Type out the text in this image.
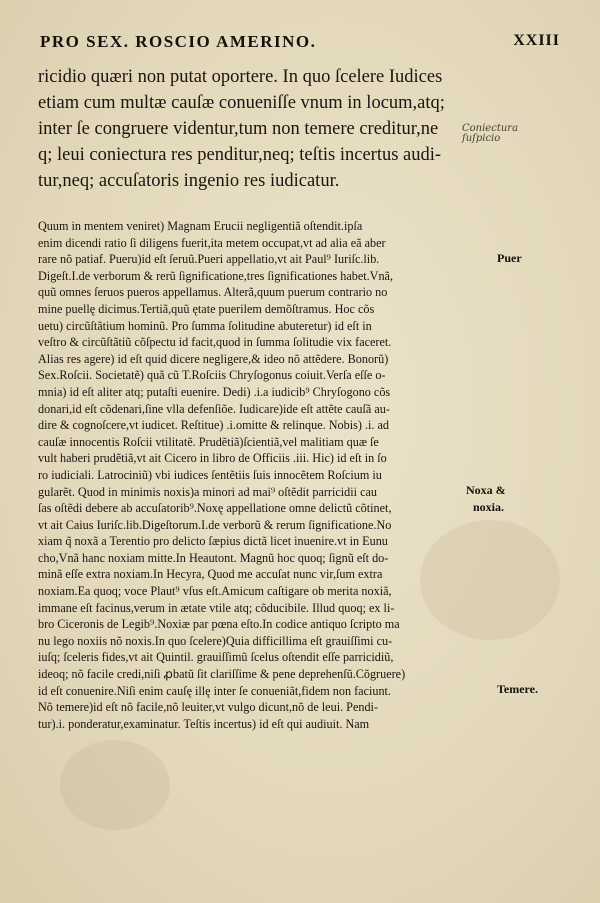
PRO SEX. ROSCIO AMERINO.	XXIII
ricidio quæri non putat oportere. In quo ſcelere Iudices
etiam cum multæ cauſæ conueniſſe vnum in locum,atq;
inter ſe congruere videntur,tum non temere creditur,ne
q; leui coniectura res penditur,neq; teſtis incertus audi-
tur,neq; accuſatoris ingenio res iudicatur.
Coniectura
ſuſpicio
Quum in mentem veniret) Magnam Erucii negligentiã oſtendit.ipſa
enim dicendi ratio ſi diligens fuerit,ita metem occupat,vt ad alia eã aber
rare nõ patiaf. Pueru)id eſt ſeruũ.Pueri appellatio,vt ait Paul⁹ Iuriſc.lib.
Digeſt.I.de verborum & rerũ ſignificatione,tres ſignificationes habet.Vnã,
quũ omnes ſeruos pueros appellamus. Alterã,quum puerum contrario no
mine puellę dicimus.Tertiã,quũ ętate puerilem demõſtramus. Hoc cõs
uetu) circũſtãtium hominũ. Pro ſumma ſolitudine abuteretur) id eſt in
veſtro & circũſtãtiũ cõſpectu id facit,quod in ſumma ſolitudie vix faceret.
Alias res agere) id eſt quid dicere negligere,& ideo nõ attẽdere. Bonorũ)
Sex.Roſcii. Societatẽ) quã cũ T.Roſciis Chryſogonus coiuit.Verſa eſſe o-
mnia) id eſt aliter atq; putaſti euenire. Dedi) .i.a iudicib⁹ Chryſogono cõs
donari,id eſt cõdenari,ſine vlla defenſiõe. Iudicare)ide eſt attẽte cauſã au-
dire & cognoſcere,vt iudicet. Reſtitue) .i.omitte & relinque. Nobis) .i. ad
cauſæ innocentis Roſcii vtilitatẽ. Prudẽtiã)ſcientiã,vel malitiam quæ ſe
vult haberi prudẽtiã,vt ait Cicero in libro de Officiis .iii. Hic) id eſt in ſo
ro iudiciali. Latrociniũ) vbi iudices ſentẽtiis ſuis innocẽtem Roſcium iu
gularẽt. Quod in minimis noxis)a minori ad mai⁹ oſtẽdit parricidii cau
ſas oſtẽdi debere ab accuſatorib⁹.Noxę appellatione omne delictũ cõtinet,
vt ait Caius Iuriſc.lib.Digeſtorum.I.de verborũ & rerum ſignificatione.No
xiam q̃ noxã a Terentio pro delicto ſæpius dictã licet inuenire.vt in Eunu
cho,Vnã hanc noxiam mitte.In Heautont. Magnũ hoc quoq; ſignũ eſt do-
minã eſſe extra noxiam.In Hecyra, Quod me accuſat nunc vir,ſum extra
noxiam.Ea quoq; voce Plaut⁹ vſus eſt.Amicum caſtigare ob merita noxiã,
immane eſt facinus,verum in ætate vtile atq; cõducibile. Illud quoq; ex li-
bro Ciceronis de Legib⁹.Noxiæ par pœna eſto.In codice antiquo ſcripto ma
nu lego noxiis nõ noxis.In quo ſcelere)Quia difficillima eſt grauiſſimi cu-
iuſq; ſceleris fides,vt ait Quintil. grauiſſimũ ſcelus oſtendit eſſe parricidiũ,
ideoq; nõ facile credi,niſi ꝓbatũ ſit clariſſime & pene deprehenſũ.Cõgruere)
id eſt conuenire.Niſi enim cauſę illę inter ſe conueniãt,fidem non faciunt.
Nõ temere)id eſt nõ facile,nõ leuiter,vt vulgo dicunt,nõ de leui. Pendi-
tur).i. ponderatur,examinatur. Teſtis incertus) id eſt qui audiuit. Nam
Puer
Noxa &
noxia.
Temere.
